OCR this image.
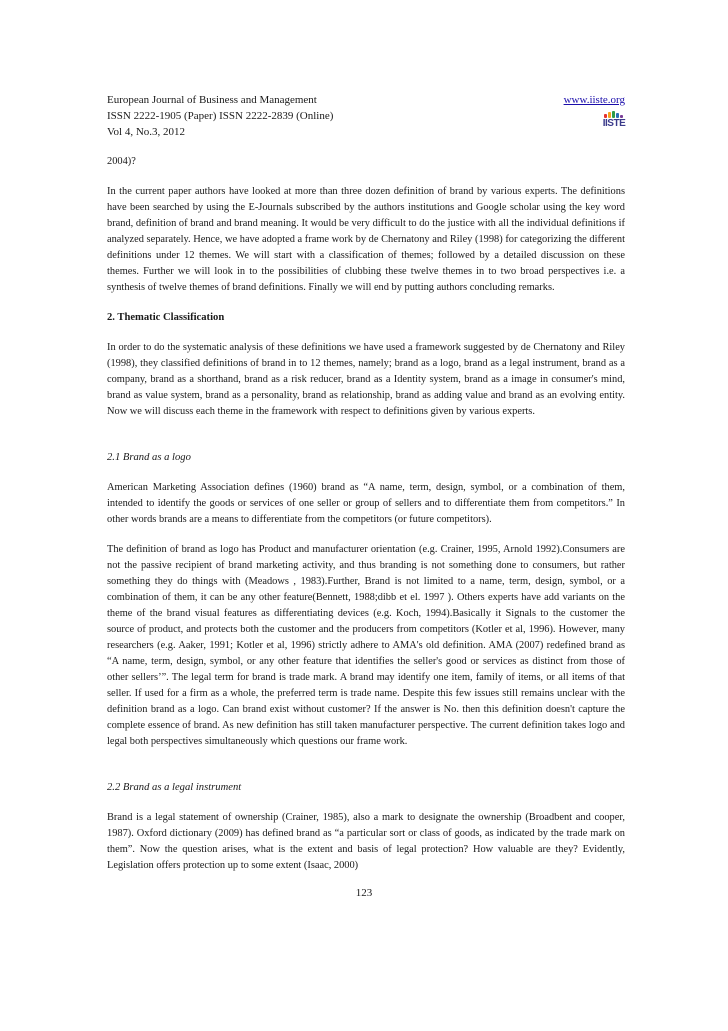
European Journal of Business and Management
ISSN 2222-1905 (Paper) ISSN 2222-2839 (Online)
Vol 4, No.3, 2012
www.iiste.org
IISTE

2004)?

In the current paper authors have looked at more than three dozen definition of brand by various experts. The definitions have been searched by using the E-Journals subscribed by the authors institutions and Google scholar using the key word brand, definition of brand and brand meaning. It would be very difficult to do the justice with all the individual definitions if analyzed separately. Hence, we have adopted a frame work by de Chernatony and Riley (1998) for categorizing the different definitions under 12 themes. We will start with a classification of themes; followed by a detailed discussion on these themes. Further we will look in to the possibilities of clubbing these twelve themes in to two broad perspectives i.e. a synthesis of twelve themes of brand definitions. Finally we will end by putting authors concluding remarks.

2. Thematic Classification

In order to do the systematic analysis of these definitions we have used a framework suggested by de Chernatony and Riley (1998), they classified definitions of brand in to 12 themes, namely; brand as a logo, brand as a legal instrument, brand as a company, brand as a shorthand, brand as a risk reducer, brand as a Identity system, brand as a image in consumer's mind, brand as value system, brand as a personality, brand as relationship, brand as adding value and brand as an evolving entity. Now we will discuss each theme in the framework with respect to definitions given by various experts.

2.1 Brand as a logo

American Marketing Association defines (1960) brand as “A name, term, design, symbol, or a combination of them, intended to identify the goods or services of one seller or group of sellers and to differentiate them from competitors.” In other words brands are a means to differentiate from the competitors (or future competitors).

The definition of brand as logo has Product and manufacturer orientation (e.g. Crainer, 1995, Arnold 1992).Consumers are not the passive recipient of brand marketing activity, and thus branding is not something done to consumers, but rather something they do things with (Meadows , 1983).Further, Brand is not limited to a name, term, design, symbol, or a combination of them, it can be any other feature(Bennett, 1988;dibb et el. 1997 ). Others experts have add variants on the theme of the brand visual features as differentiating devices (e.g. Koch, 1994).Basically it Signals to the customer the source of product, and protects both the customer and the producers from competitors (Kotler et al, 1996). However, many researchers (e.g. Aaker, 1991; Kotler et al, 1996) strictly adhere to AMA's old definition. AMA (2007) redefined brand as “A name, term, design, symbol, or any other feature that identifies the seller's good or services as distinct from those of other sellers’”. The legal term for brand is trade mark. A brand may identify one item, family of items, or all items of that seller. If used for a firm as a whole, the preferred term is trade name. Despite this few issues still remains unclear with the definition brand as a logo. Can brand exist without customer? If the answer is No. then this definition doesn't capture the complete essence of brand. As new definition has still taken manufacturer perspective. The current definition takes logo and legal both perspectives simultaneously which questions our frame work.

2.2 Brand as a legal instrument

Brand is a legal statement of ownership (Crainer, 1985), also a mark to designate the ownership (Broadbent and cooper, 1987). Oxford dictionary (2009) has defined brand as “a particular sort or class of goods, as indicated by the trade mark on them”. Now the question arises, what is the extent and basis of legal protection? How valuable are they? Evidently, Legislation offers protection up to some extent (Isaac, 2000)

123
